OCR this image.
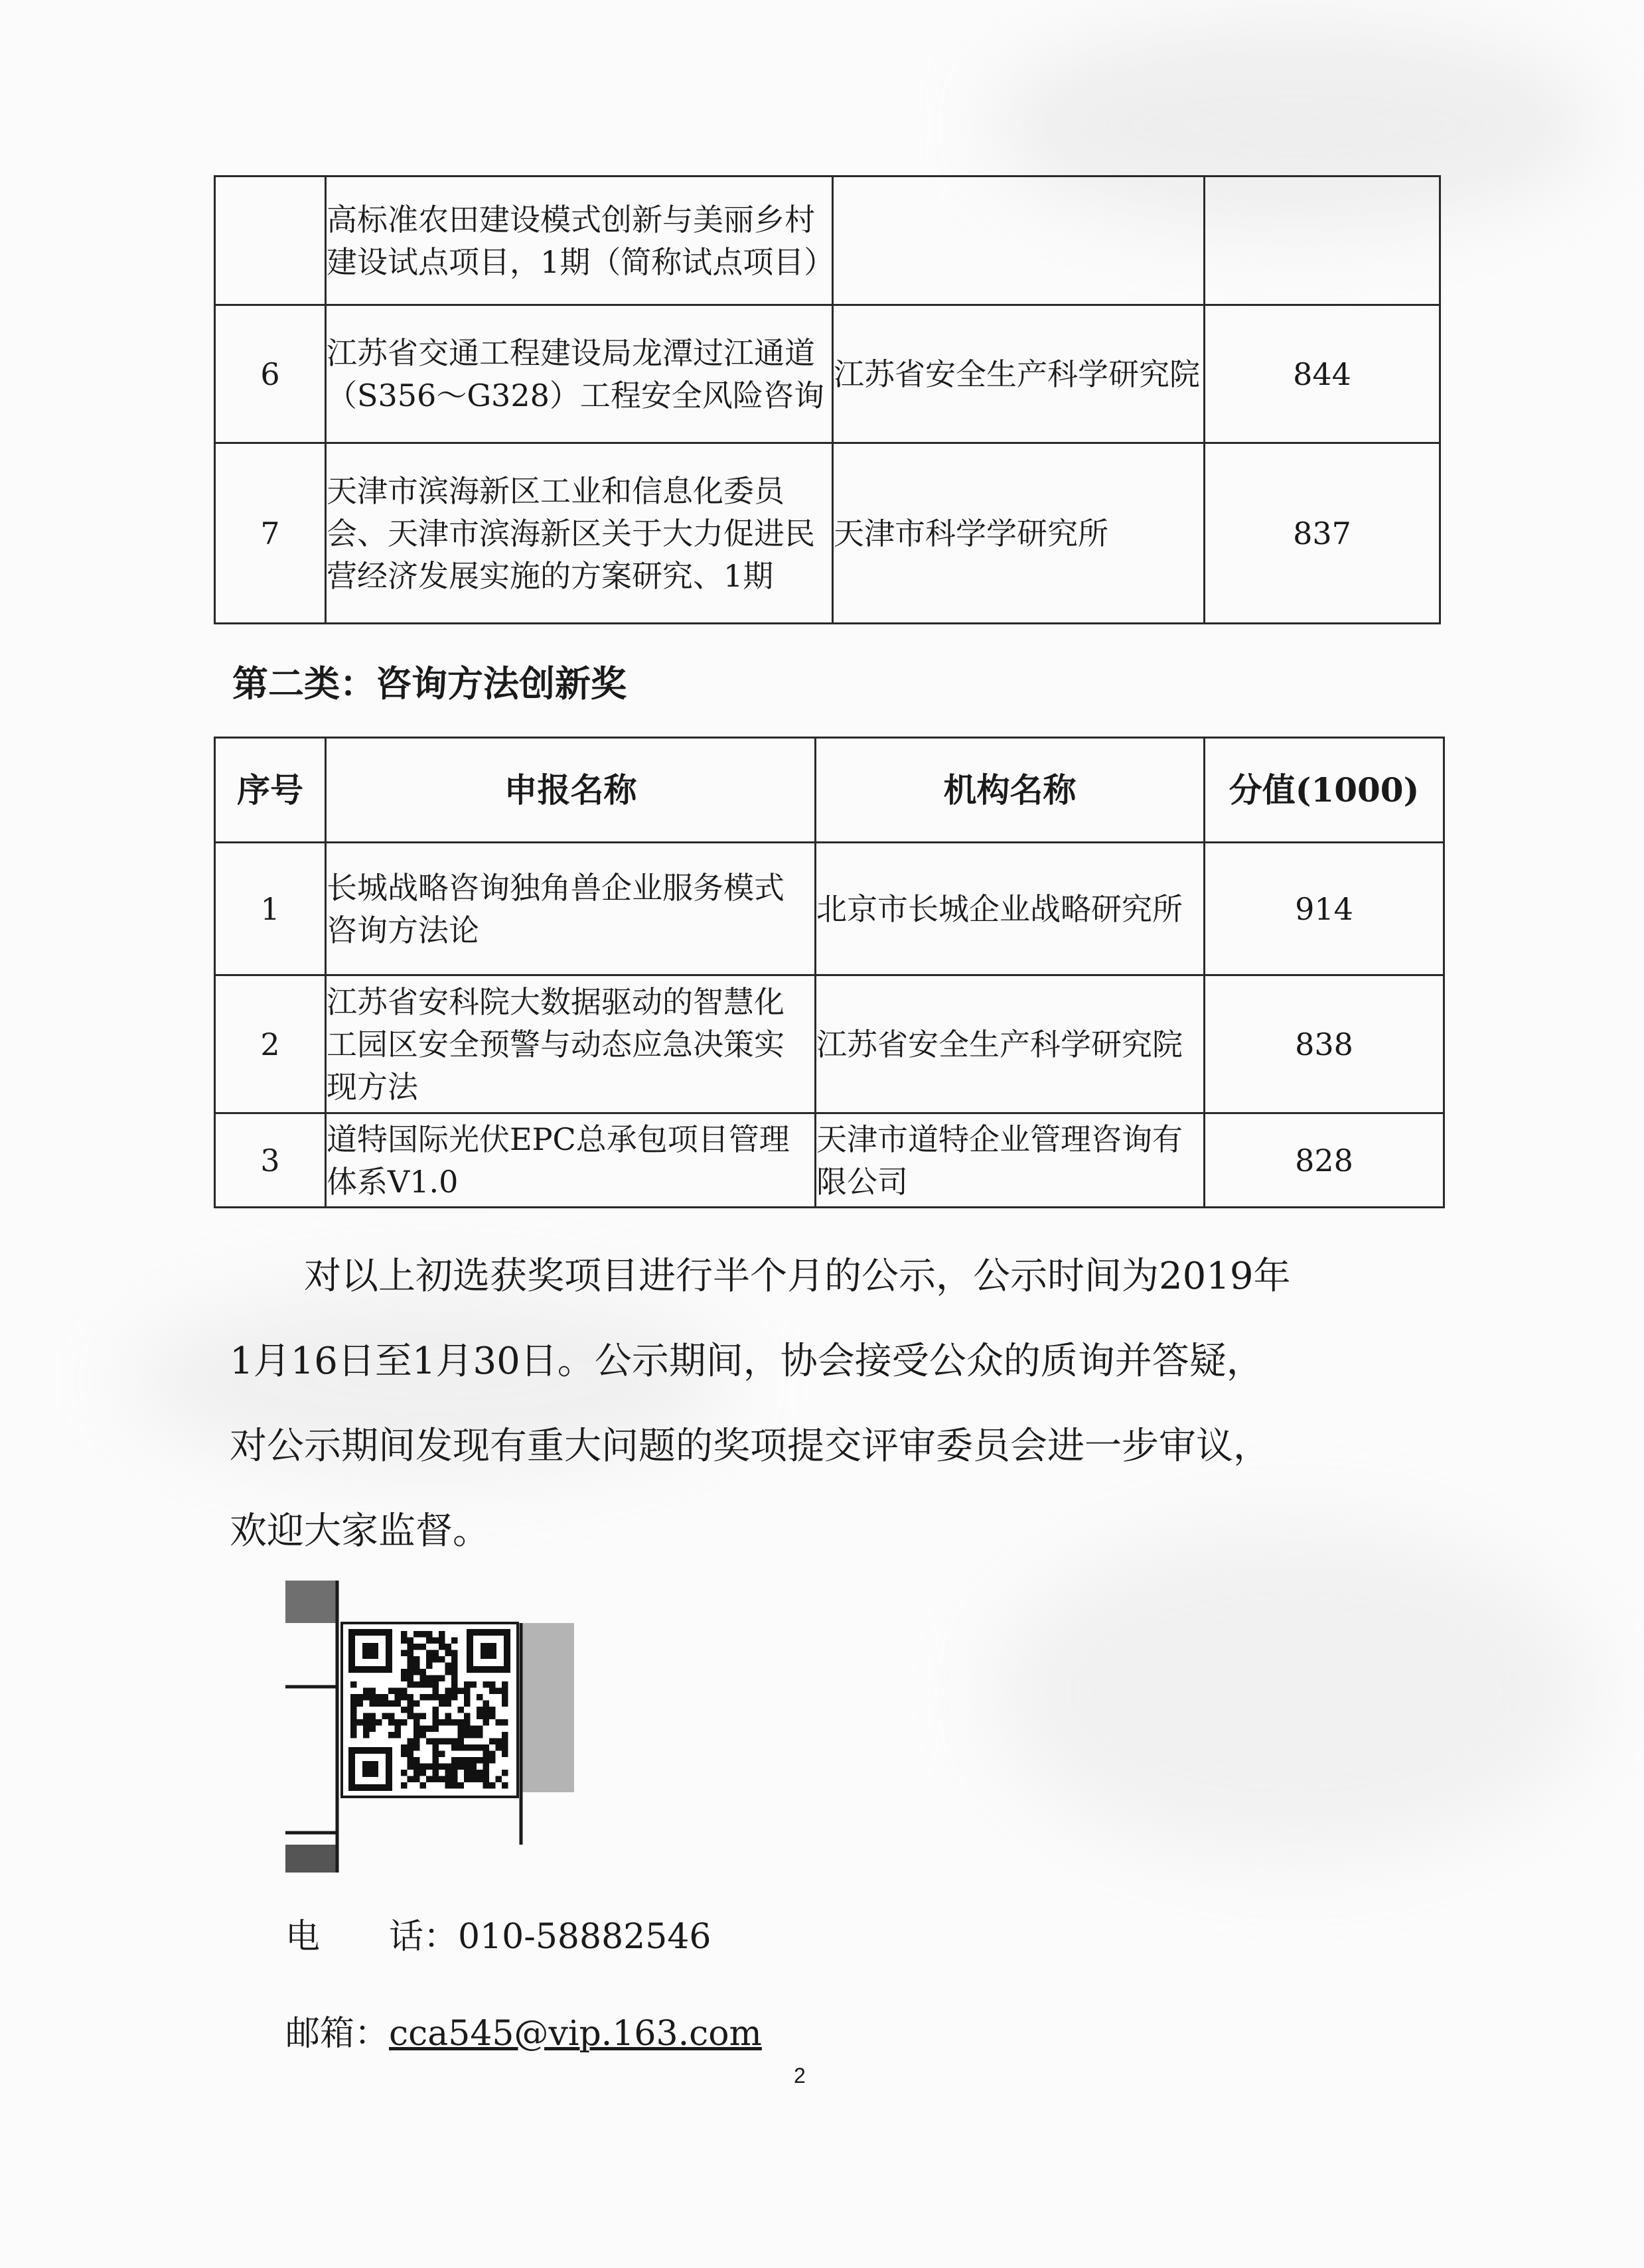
	高标准农田建设模式创新与美丽乡村建设试点项目，1期（简称试点项目）		
6	江苏省交通工程建设局龙潭过江通道（S356～G328）工程安全风险咨询	江苏省安全生产科学研究院	844
7	天津市滨海新区工业和信息化委员会、天津市滨海新区关于大力促进民营经济发展实施的方案研究、1期	天津市科学学研究所	837
第二类：咨询方法创新奖
序号	申报名称	机构名称	分值(1000)
1	长城战略咨询独角兽企业服务模式咨询方法论	北京市长城企业战略研究所	914
2	江苏省安科院大数据驱动的智慧化工园区安全预警与动态应急决策实现方法	江苏省安全生产科学研究院	838
3	道特国际光伏EPC总承包项目管理体系V1.0	天津市道特企业管理咨询有限公司	828

对以上初选获奖项目进行半个月的公示，公示时间为2019年

1月16日至1月30日。公示期间，协会接受公众的质询并答疑，

对公示期间发现有重大问题的奖项提交评审委员会进一步审议，

欢迎大家监督。

电　　话：010-58882546
邮箱：cca545@vip.163.com
2
